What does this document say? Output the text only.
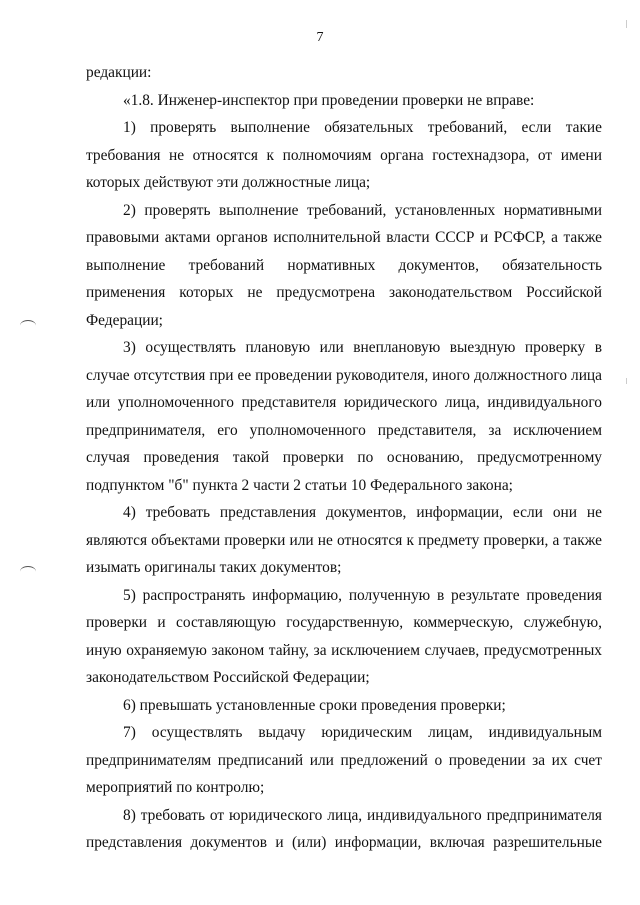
7

редакции:

«1.8. Инженер-инспектор при проведении проверки не вправе:

1) проверять выполнение обязательных требований, если такие требования не относятся к полномочиям органа гостехнадзора, от имени которых действуют эти должностные лица;

2) проверять выполнение требований, установленных нормативными правовыми актами органов исполнительной власти СССР и РСФСР, а также выполнение требований нормативных документов, обязательность применения которых не предусмотрена законодательством Российской Федерации;

3) осуществлять плановую или внеплановую выездную проверку в случае отсутствия при ее проведении руководителя, иного должностного лица или уполномоченного представителя юридического лица, индивидуального предпринимателя, его уполномоченного представителя, за исключением случая проведения такой проверки по основанию, предусмотренному подпунктом "б" пункта 2 части 2 статьи 10 Федерального закона;

4) требовать представления документов, информации, если они не являются объектами проверки или не относятся к предмету проверки, а также изымать оригиналы таких документов;

5) распространять информацию, полученную в результате проведения проверки и составляющую государственную, коммерческую, служебную, иную охраняемую законом тайну, за исключением случаев, предусмотренных законодательством Российской Федерации;

6) превышать установленные сроки проведения проверки;

7) осуществлять выдачу юридическим лицам, индивидуальным предпринимателям предписаний или предложений о проведении за их счет мероприятий по контролю;

8) требовать от юридического лица, индивидуального предпринимателя представления документов и (или) информации, включая разрешительные
